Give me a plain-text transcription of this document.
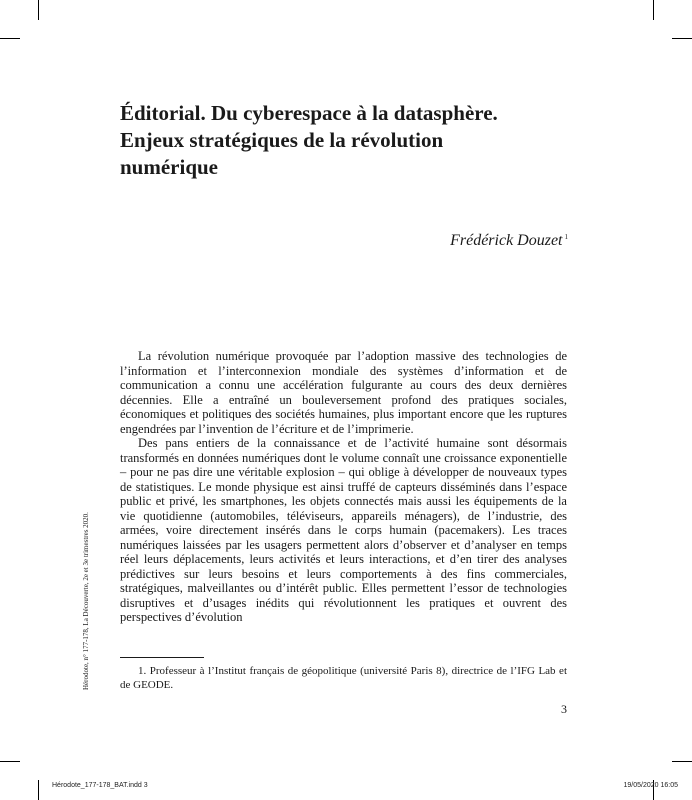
Éditorial. Du cyberespace à la datasphère.
Enjeux stratégiques de la révolution
numérique
Frédérick Douzet $^1$

La révolution numérique provoquée par l’adoption massive des technologies de l’information et l’interconnexion mondiale des systèmes d’information et de communication a connu une accélération fulgurante au cours des deux dernières décennies. Elle a entraîné un bouleversement profond des pratiques sociales, économiques et politiques des sociétés humaines, plus important encore que les ruptures engendrées par l’invention de l’écriture et de l’imprimerie.

Des pans entiers de la connaissance et de l’activité humaine sont désormais transformés en données numériques dont le volume connaît une croissance exponentielle – pour ne pas dire une véritable explosion – qui oblige à développer de nouveaux types de statistiques. Le monde physique est ainsi truffé de capteurs disséminés dans l’espace public et privé, les smartphones, les objets connectés mais aussi les équipements de la vie quotidienne (automobiles, téléviseurs, appareils ménagers), de l’industrie, des armées, voire directement insérés dans le corps humain (pacemakers). Les traces numériques laissées par les usagers permettent alors d’observer et d’analyser en temps réel leurs déplacements, leurs activités et leurs interactions, et d’en tirer des analyses prédictives sur leurs besoins et leurs comportements à des fins commerciales, stratégiques, malveillantes ou d’intérêt public. Elles permettent l’essor de technologies disruptives et d’usages inédits qui révolutionnent les pratiques et ouvrent des perspectives d’évolution

Hérodote, n° 177-178, La Découverte, 2e et 3e trimestres 2020.	1. Professeur à l’Institut français de géopolitique (université Paris 8), directrice de l’IFG Lab et de GEODE.

3
Hérodote_177-178_BAT.indd 3	19/05/2020 16:05
